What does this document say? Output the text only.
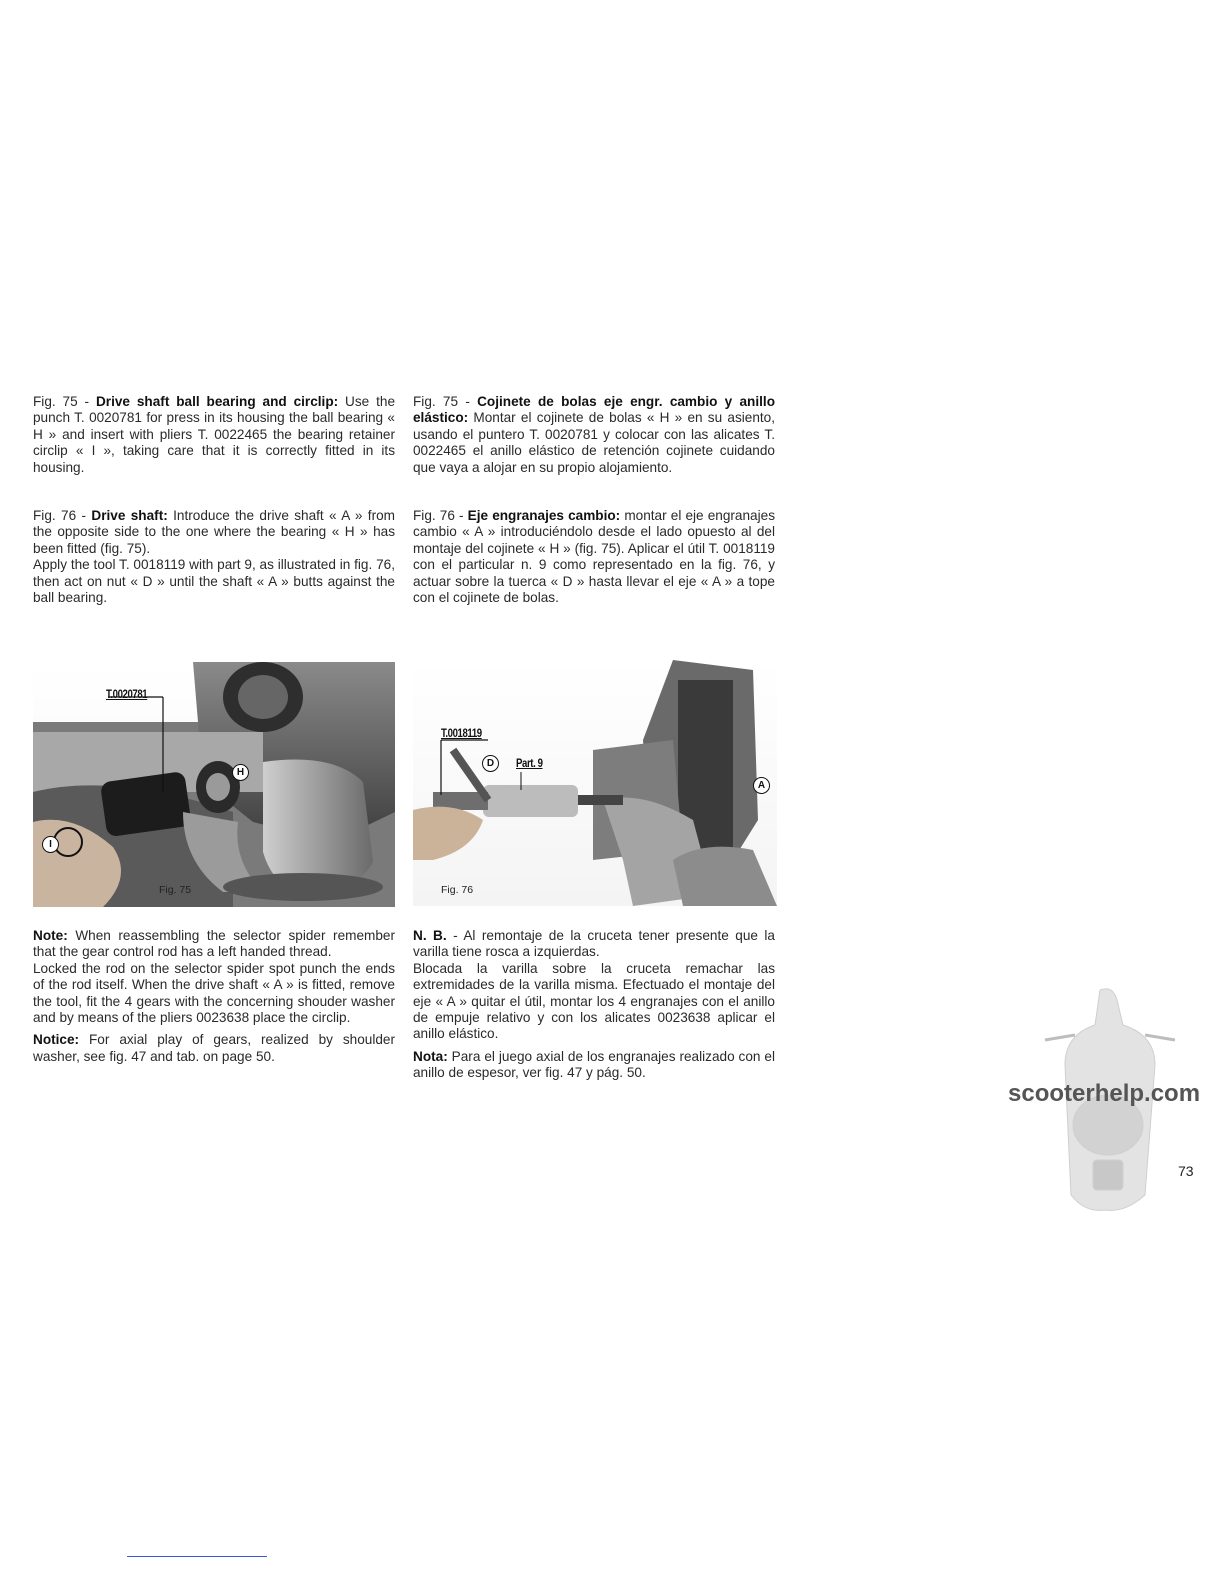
Fig. 75 - Drive shaft ball bearing and circlip: Use the punch T. 0020781 for press in its housing the ball bearing « H » and insert with pliers T. 0022465 the bearing retainer circlip « I », taking care that it is correctly fitted in its housing.

Fig. 76 - Drive shaft: Introduce the drive shaft « A » from the opposite side to the one where the bearing « H » has been fitted (fig. 75).

Apply the tool T. 0018119 with part 9, as illustrated in fig. 76, then act on nut « D » until the shaft « A » butts against the ball bearing.

Fig. 75 - Cojinete de bolas eje engr. cambio y anillo elástico: Montar el cojinete de bolas « H » en su asiento, usando el puntero T. 0020781 y colocar con las alicates T. 0022465 el anillo elástico de retención cojinete cuidando que vaya a alojar en su propio alojamiento.

Fig. 76 - Eje engranajes cambio: montar el eje engranajes cambio « A » introduciéndolo desde el lado opuesto al del montaje del cojinete « H » (fig. 75). Aplicar el útil T. 0018119 con el particular n. 9 como representado en la fig. 76, y actuar sobre la tuerca « D » hasta llevar el eje « A » a tope con el cojinete de bolas.

T.0020781
H
I
Fig. 75
T.0018119
Part. 9
D
A
Fig. 76

Note: When reassembling the selector spider remember that the gear control rod has a left handed thread.

Locked the rod on the selector spider spot punch the ends of the rod itself. When the drive shaft « A » is fitted, remove the tool, fit the 4 gears with the concerning shouder washer and by means of the pliers 0023638 place the circlip.

Notice: For axial play of gears, realized by shoulder washer, see fig. 47 and tab. on page 50.

N. B. - Al remontaje de la cruceta tener presente que la varilla tiene rosca a izquierdas.

Blocada la varilla sobre la cruceta remachar las extremidades de la varilla misma. Efectuado el montaje del eje « A » quitar el útil, montar los 4 engranajes con el anillo de empuje relativo y con los alicates 0023638 aplicar el anillo elástico.

Nota: Para el juego axial de los engranajes realizado con el anillo de espesor, ver fig. 47 y pág. 50.

scooterhelp.com
73
